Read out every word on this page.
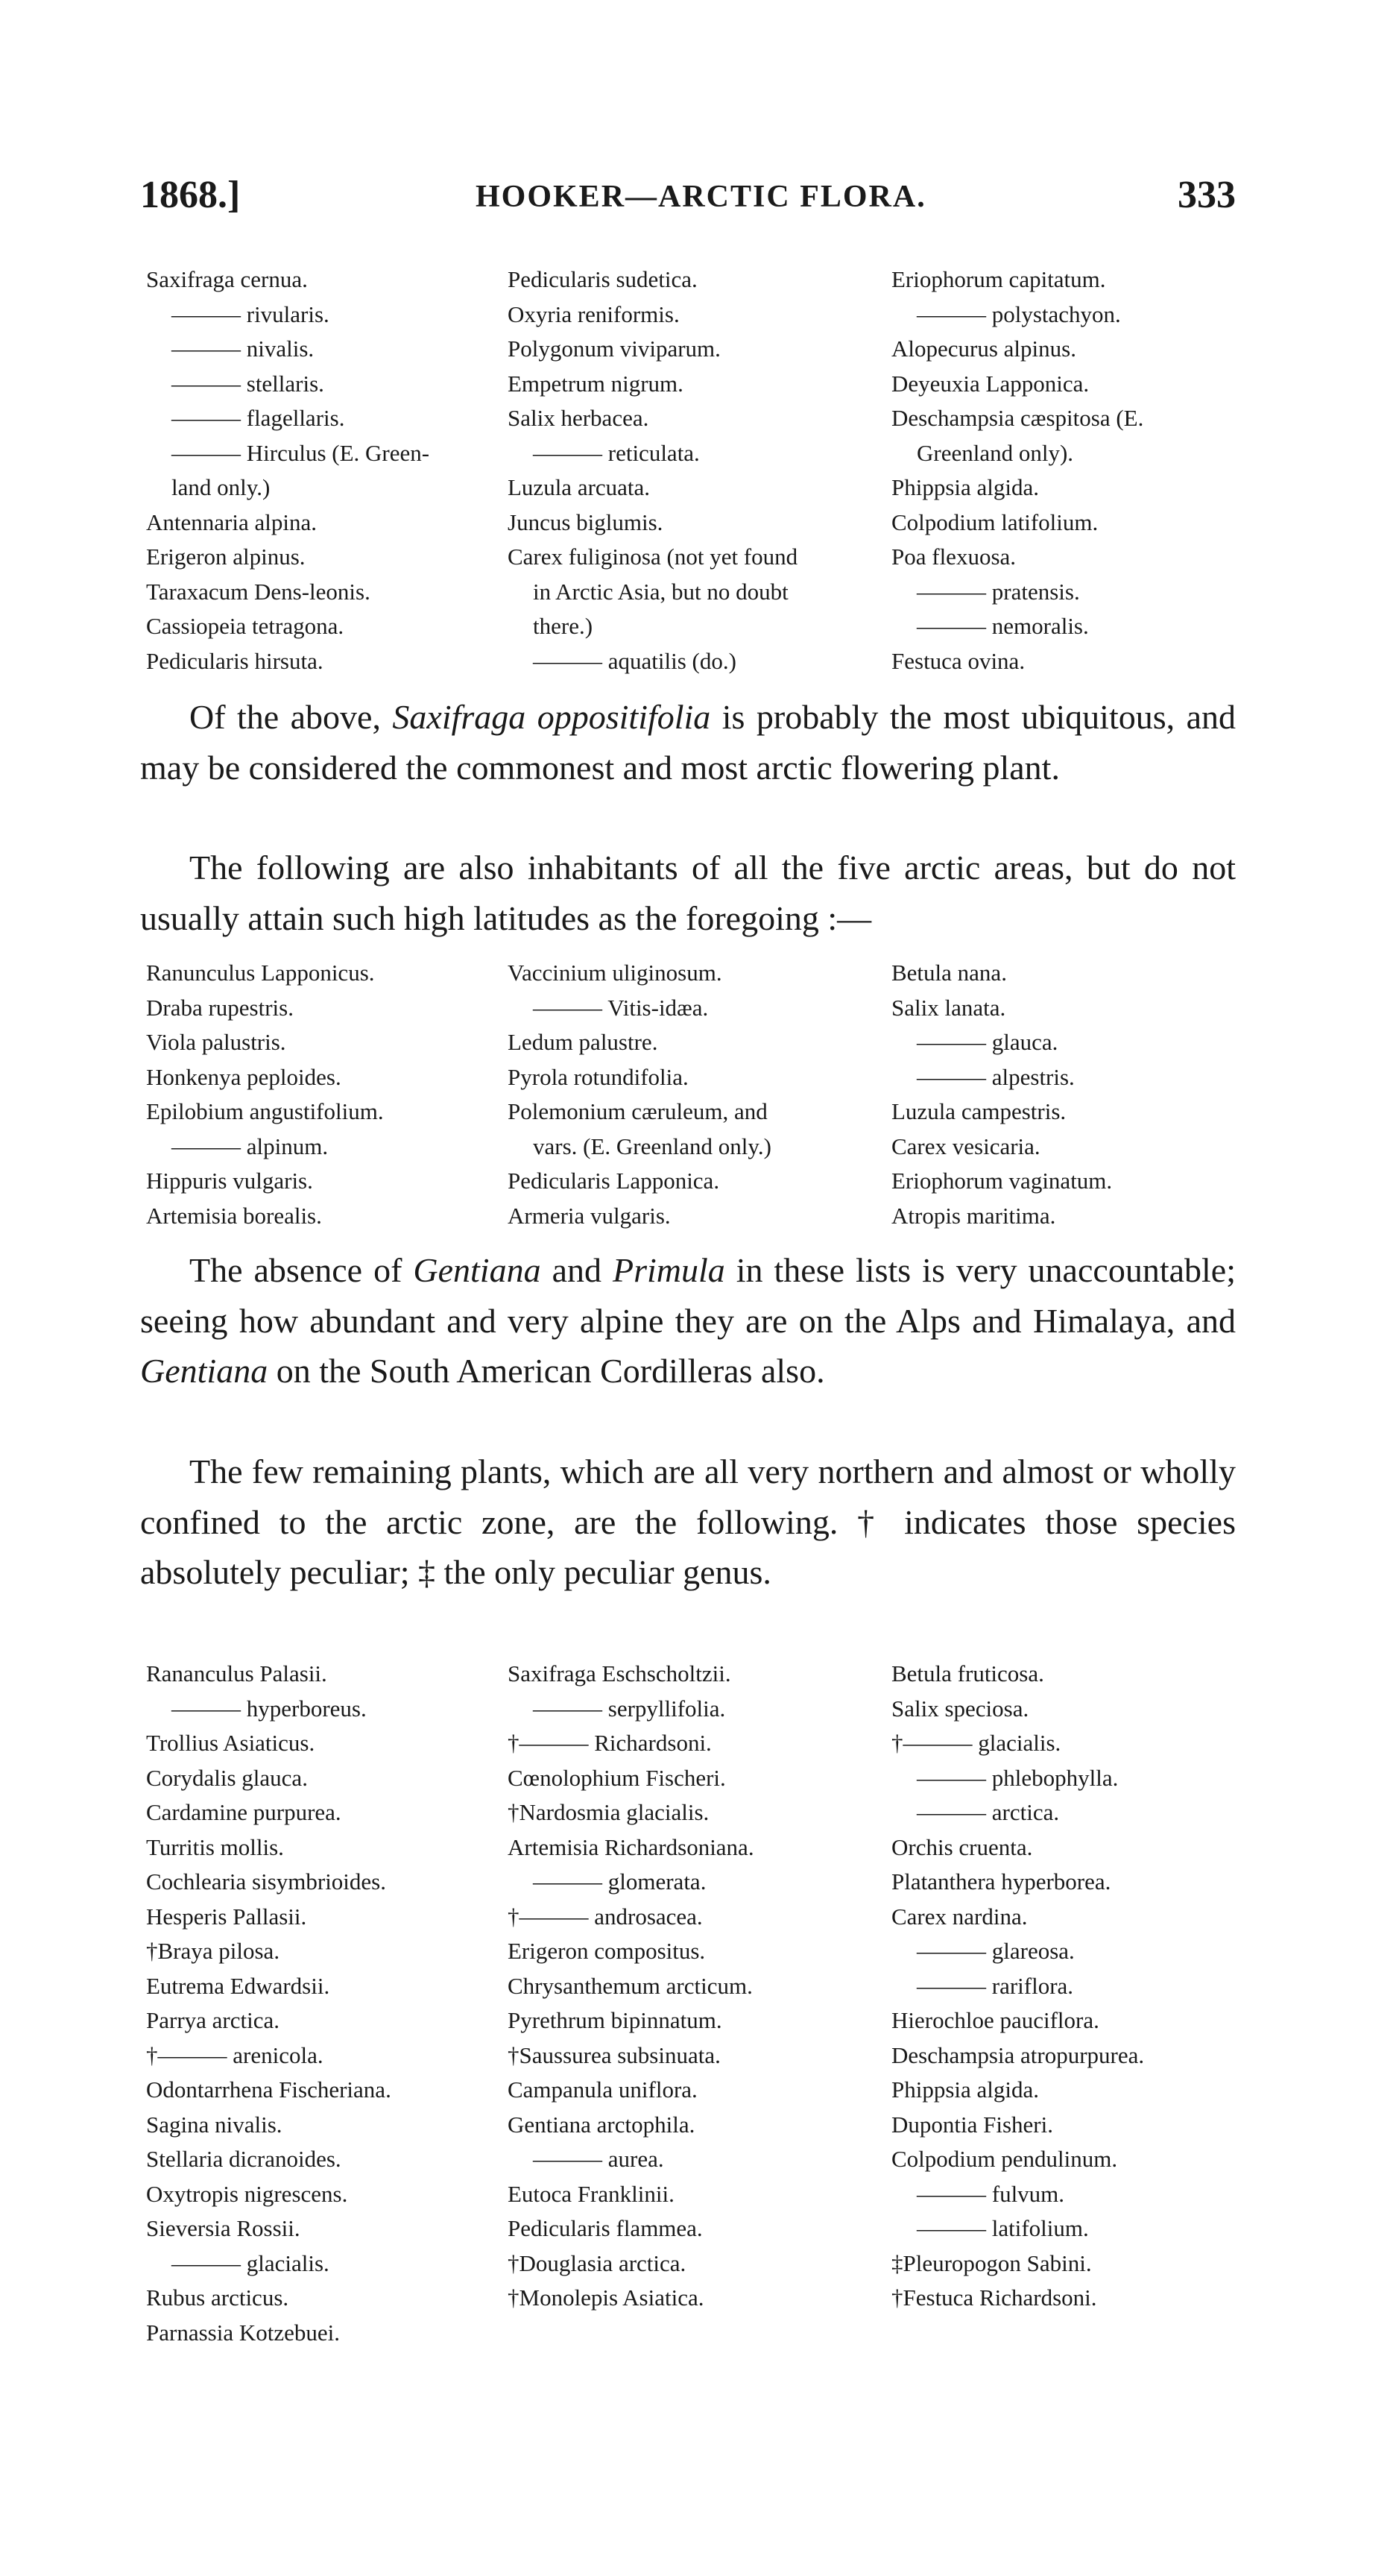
1868.]	HOOKER—ARCTIC FLORA.	333
Saxifraga cernua.
——— rivularis.
——— nivalis.
——— stellaris.
——— flagellaris.
——— Hirculus (E. Green-
land only.)
Antennaria alpina.
Erigeron alpinus.
Taraxacum Dens-leonis.
Cassiopeia tetragona.
Pedicularis hirsuta.
Pedicularis sudetica.
Oxyria reniformis.
Polygonum viviparum.
Empetrum nigrum.
Salix herbacea.
——— reticulata.
Luzula arcuata.
Juncus biglumis.
Carex fuliginosa (not yet found
in Arctic Asia, but no doubt
there.)
——— aquatilis (do.)
Eriophorum capitatum.
——— polystachyon.
Alopecurus alpinus.
Deyeuxia Lapponica.
Deschampsia cæspitosa (E.
Greenland only).
Phippsia algida.
Colpodium latifolium.
Poa flexuosa.
——— pratensis.
——— nemoralis.
Festuca ovina.

Of the above, Saxifraga oppositifolia is probably the most ubiquitous, and may be considered the commonest and most arctic flowering plant.

The following are also inhabitants of all the five arctic areas, but do not usually attain such high latitudes as the foregoing :—

Ranunculus Lapponicus.
Draba rupestris.
Viola palustris.
Honkenya peploides.
Epilobium angustifolium.
——— alpinum.
Hippuris vulgaris.
Artemisia borealis.
Vaccinium uliginosum.
——— Vitis-idæa.
Ledum palustre.
Pyrola rotundifolia.
Polemonium cæruleum, and
vars. (E. Greenland only.)
Pedicularis Lapponica.
Armeria vulgaris.
Betula nana.
Salix lanata.
——— glauca.
——— alpestris.
Luzula campestris.
Carex vesicaria.
Eriophorum vaginatum.
Atropis maritima.

The absence of Gentiana and Primula in these lists is very unaccountable; seeing how abundant and very alpine they are on the Alps and Himalaya, and Gentiana on the South American Cordilleras also.

The few remaining plants, which are all very northern and almost or wholly confined to the arctic zone, are the following. † indicates those species absolutely peculiar; ‡ the only peculiar genus.

Rananculus Palasii.
——— hyperboreus.
Trollius Asiaticus.
Corydalis glauca.
Cardamine purpurea.
Turritis mollis.
Cochlearia sisymbrioides.
Hesperis Pallasii.
†Braya pilosa.
Eutrema Edwardsii.
Parrya arctica.
†——— arenicola.
Odontarrhena Fischeriana.
Sagina nivalis.
Stellaria dicranoides.
Oxytropis nigrescens.
Sieversia Rossii.
——— glacialis.
Rubus arcticus.
Parnassia Kotzebuei.
Saxifraga Eschscholtzii.
——— serpyllifolia.
†——— Richardsoni.
Cœnolophium Fischeri.
†Nardosmia glacialis.
Artemisia Richardsoniana.
——— glomerata.
†——— androsacea.
Erigeron compositus.
Chrysanthemum arcticum.
Pyrethrum bipinnatum.
†Saussurea subsinuata.
Campanula uniflora.
Gentiana arctophila.
——— aurea.
Eutoca Franklinii.
Pedicularis flammea.
†Douglasia arctica.
†Monolepis Asiatica.
Betula fruticosa.
Salix speciosa.
†——— glacialis.
——— phlebophylla.
——— arctica.
Orchis cruenta.
Platanthera hyperborea.
Carex nardina.
——— glareosa.
——— rariflora.
Hierochloe pauciflora.
Deschampsia atropurpurea.
Phippsia algida.
Dupontia Fisheri.
Colpodium pendulinum.
——— fulvum.
——— latifolium.
‡Pleuropogon Sabini.
†Festuca Richardsoni.
